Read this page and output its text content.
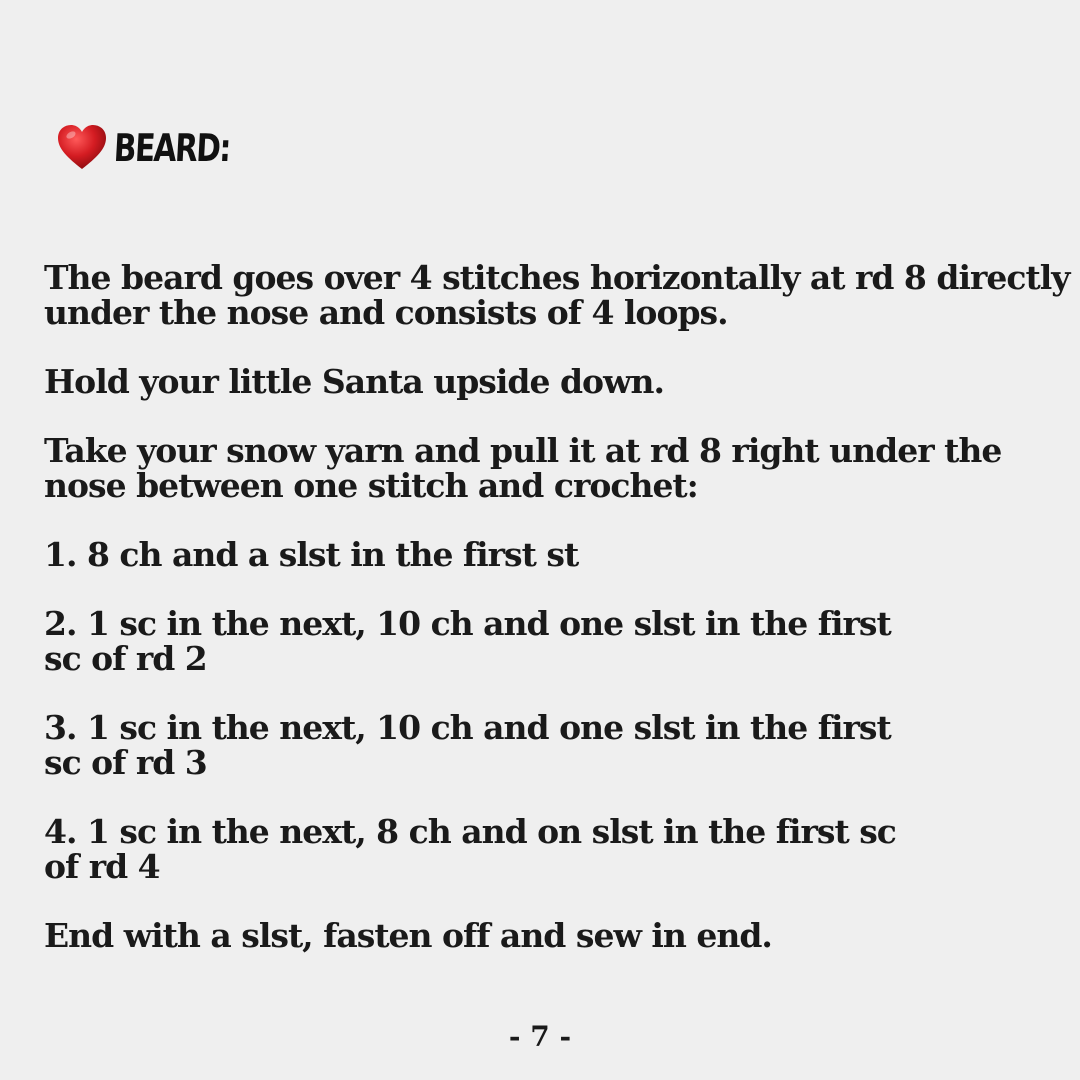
BEARD:

The beard goes over 4 stitches horizontally at rd 8 directly
under the nose and consists of 4 loops.

Hold your little Santa upside down.

Take your snow yarn and pull it at rd 8 right under the
nose between one stitch and crochet:

1. 8 ch and a slst in the first st

2. 1 sc in the next, 10 ch and one slst in the first
sc of rd 2

3. 1 sc in the next, 10 ch and one slst in the first
sc of rd 3

4. 1 sc in the next, 8 ch and on slst in the first sc
of rd 4

End with a slst, fasten off and sew in end.

- 7 -
